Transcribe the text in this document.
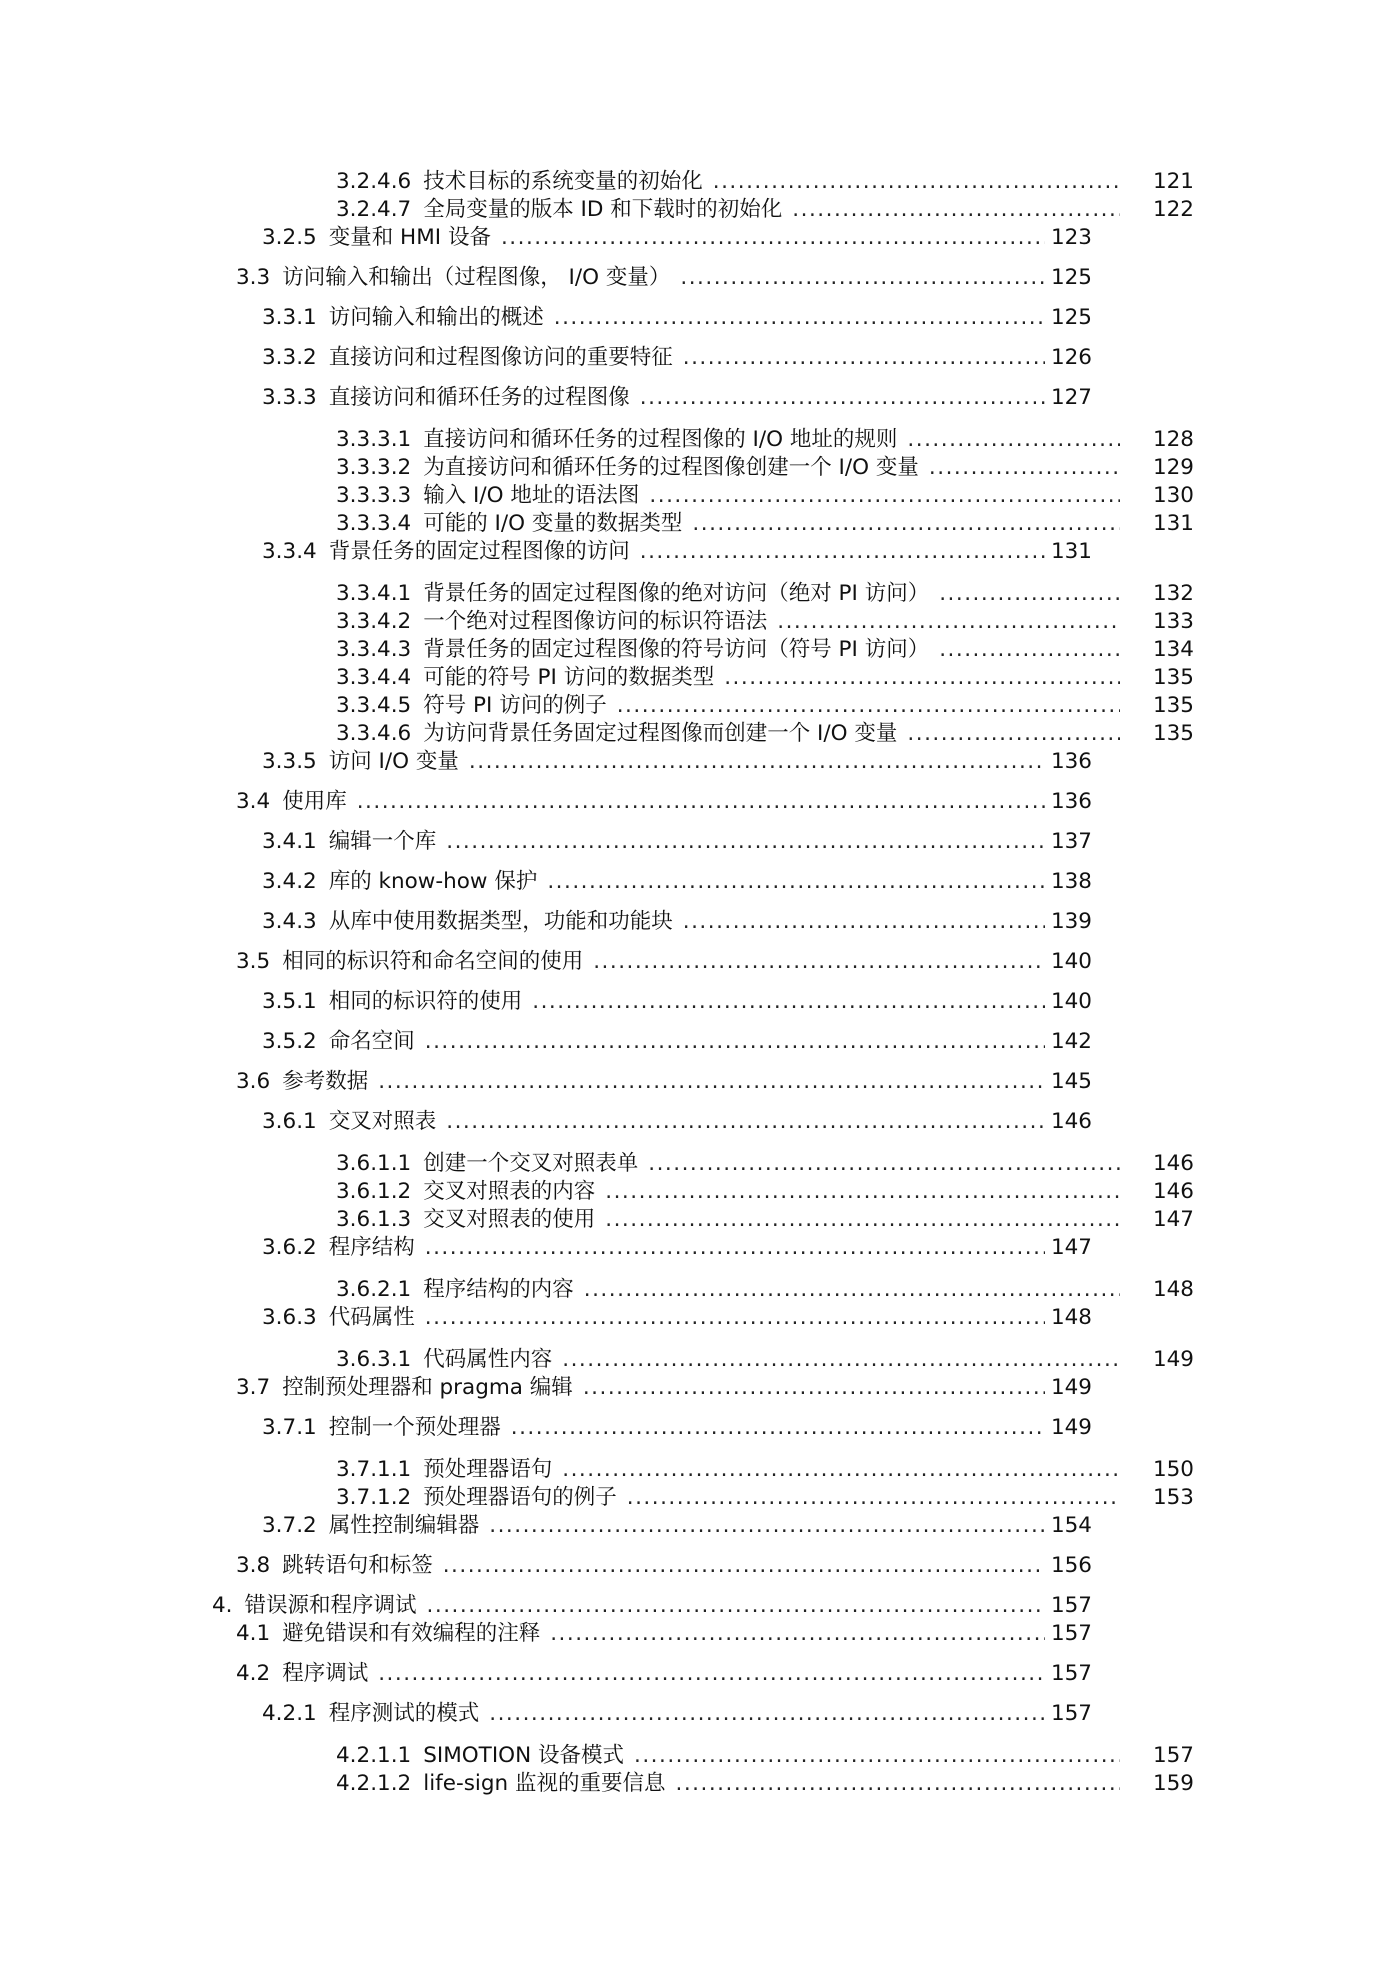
3.2.4.6 技术目标的系统变量的初始化 .....	121
3.2.4.7 全局变量的版本 ID 和下载时的初始化 .....	122
3.2.5 变量和 HMI 设备 .....	123
3.3 访问输入和输出（过程图像， I/O 变量） .....	125
3.3.1 访问输入和输出的概述 .....	125
3.3.2 直接访问和过程图像访问的重要特征 .....	126
3.3.3 直接访问和循环任务的过程图像 .....	127
3.3.3.1 直接访问和循环任务的过程图像的 I/O 地址的规则 .....	128
3.3.3.2 为直接访问和循环任务的过程图像创建一个 I/O 变量 .....	129
3.3.3.3 输入 I/O 地址的语法图 .....	130
3.3.3.4 可能的 I/O 变量的数据类型 .....	131
3.3.4 背景任务的固定过程图像的访问 .....	131
3.3.4.1 背景任务的固定过程图像的绝对访问（绝对 PI 访问） .....	132
3.3.4.2 一个绝对过程图像访问的标识符语法 .....	133
3.3.4.3 背景任务的固定过程图像的符号访问（符号 PI 访问） .....	134
3.3.4.4 可能的符号 PI 访问的数据类型 .....	135
3.3.4.5 符号 PI 访问的例子 .....	135
3.3.4.6 为访问背景任务固定过程图像而创建一个 I/O 变量 .....	135
3.3.5 访问 I/O 变量 .....	136
3.4 使用库 .....	136
3.4.1 编辑一个库 .....	137
3.4.2 库的 know-how 保护 .....	138
3.4.3 从库中使用数据类型，功能和功能块 .....	139
3.5 相同的标识符和命名空间的使用 .....	140
3.5.1 相同的标识符的使用 .....	140
3.5.2 命名空间 .....	142
3.6 参考数据 .....	145
3.6.1 交叉对照表 .....	146
3.6.1.1 创建一个交叉对照表单 .....	146
3.6.1.2 交叉对照表的内容 .....	146
3.6.1.3 交叉对照表的使用 .....	147
3.6.2 程序结构 .....	147
3.6.2.1 程序结构的内容 .....	148
3.6.3 代码属性 .....	148
3.6.3.1 代码属性内容 .....	149
3.7 控制预处理器和 pragma 编辑 .....	149
3.7.1 控制一个预处理器 .....	149
3.7.1.1 预处理器语句 .....	150
3.7.1.2 预处理器语句的例子 .....	153
3.7.2 属性控制编辑器 .....	154
3.8 跳转语句和标签 .....	156
4. 错误源和程序调试 .....	157
4.1 避免错误和有效编程的注释 .....	157
4.2 程序调试 .....	157
4.2.1 程序测试的模式 .....	157
4.2.1.1 SIMOTION 设备模式 .....	157
4.2.1.2 life-sign 监视的重要信息 .....	159
